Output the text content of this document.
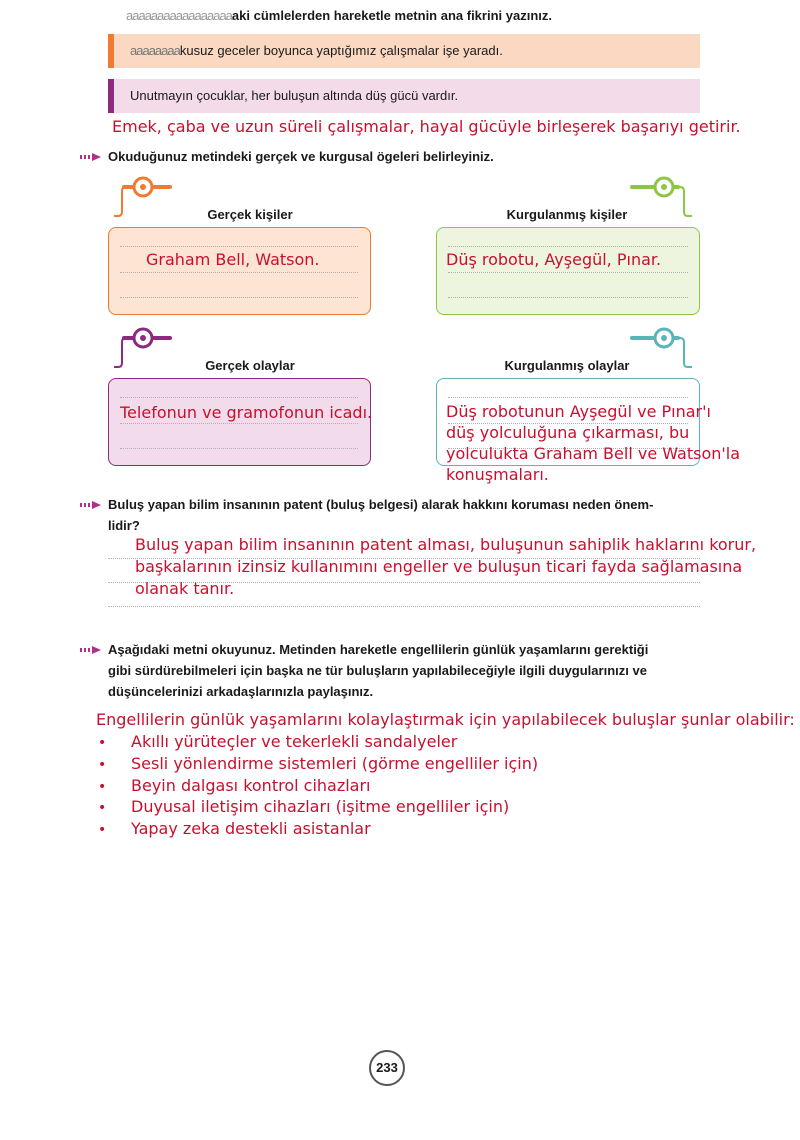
aaaaaaaaaaaaaaaaaaki cümlelerden hareketle metnin ana fikrini yazınız.
aaaaaaaakusuz geceler boyunca yaptığımız çalışmalar işe yaradı.
Unutmayın çocuklar, her buluşun altında düş gücü vardır.
Emek, çaba ve uzun süreli çalışmalar, hayal gücüyle birleşerek başarıyı getirir.
Okuduğunuz metindeki gerçek ve kurgusal ögeleri belirleyiniz.
Gerçek kişiler	Kurgulanmış kişiler
Gerçek olaylar	Kurgulanmış olaylar
Graham Bell, Watson.	Düş robotu, Ayşegül, Pınar.
Telefonun ve gramofonun icadı.	Düş robotunun Ayşegül ve Pınar'ı
düş yolculuğuna çıkarması, bu
yolculukta Graham Bell ve Watson'la
konuşmaları.
Buluş yapan bilim insanının patent (buluş belgesi) alarak hakkını koruması neden önem-
lidir?
Buluş yapan bilim insanının patent alması, buluşunun sahiplik haklarını korur,
başkalarının izinsiz kullanımını engeller ve buluşun ticari fayda sağlamasına
olanak tanır.
Aşağıdaki metni okuyunuz. Metinden hareketle engellilerin günlük yaşamlarını gerektiği
gibi sürdürebilmeleri için başka ne tür buluşların yapılabileceğiyle ilgili duygularınızı ve
düşüncelerinizi arkadaşlarınızla paylaşınız.
Engellilerin günlük yaşamlarını kolaylaştırmak için yapılabilecek buluşlar şunlar olabilir:
• Akıllı yürüteçler ve tekerlekli sandalyeler
• Sesli yönlendirme sistemleri (görme engelliler için)
• Beyin dalgası kontrol cihazları
• Duyusal iletişim cihazları (işitme engelliler için)
• Yapay zeka destekli asistanlar
233
